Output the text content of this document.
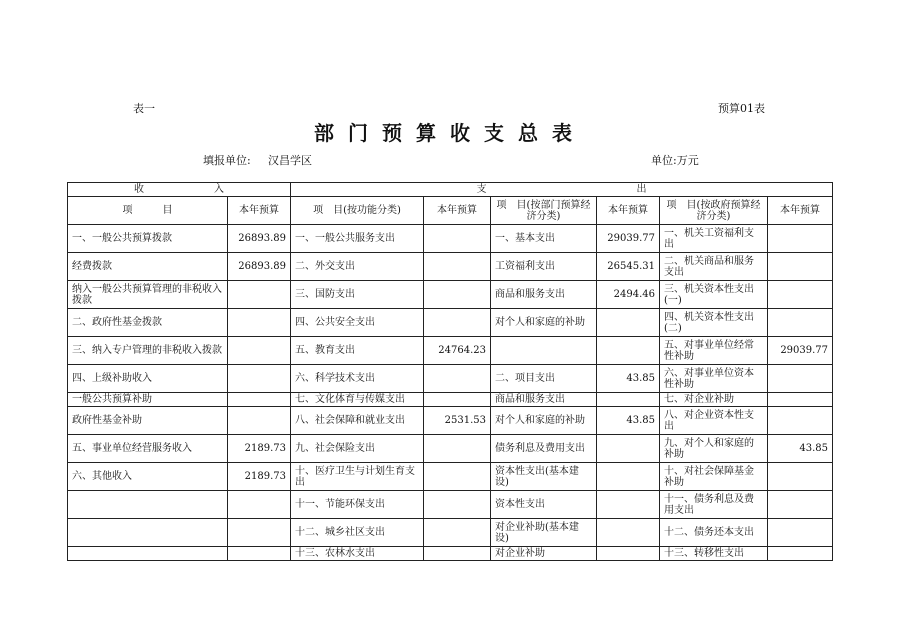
表一	预算01表
部门预算收支总表
填报单位: 汉昌学区	单位:万元
收　　　　　　　入		支　　　　　　　　　　　　　　　出					
项　　　目	本年预算	项　目(按功能分类)	本年预算	项　目(按部门预算经济分类)	本年预算	项　目(按政府预算经济分类)	本年预算
一、一般公共预算拨款	26893.89	一、一般公共服务支出		一、基本支出	29039.77	一、机关工资福利支出	
经费拨款	26893.89	二、外交支出		工资福利支出	26545.31	二、机关商品和服务支出	
纳入一般公共预算管理的非税收入拨款		三、国防支出		商品和服务支出	2494.46	三、机关资本性支出(一)	
二、政府性基金拨款		四、公共安全支出		对个人和家庭的补助		四、机关资本性支出(二)	
三、纳入专户管理的非税收入拨款		五、教育支出	24764.23			五、对事业单位经常性补助	29039.77
四、上级补助收入		六、科学技术支出		二、项目支出	43.85	六、对事业单位资本性补助	
一般公共预算补助		七、文化体育与传媒支出		商品和服务支出		七、对企业补助	
政府性基金补助		八、社会保障和就业支出	2531.53	对个人和家庭的补助	43.85	八、对企业资本性支出	
五、事业单位经营服务收入	2189.73	九、社会保险支出		债务利息及费用支出		九、对个人和家庭的补助	43.85
六、其他收入	2189.73	十、医疗卫生与计划生育支出		资本性支出(基本建设)		十、对社会保障基金补助	
		十一、节能环保支出		资本性支出		十一、债务利息及费用支出	
		十二、城乡社区支出		对企业补助(基本建设)		十二、债务还本支出	
		十三、农林水支出		对企业补助		十三、转移性支出	
